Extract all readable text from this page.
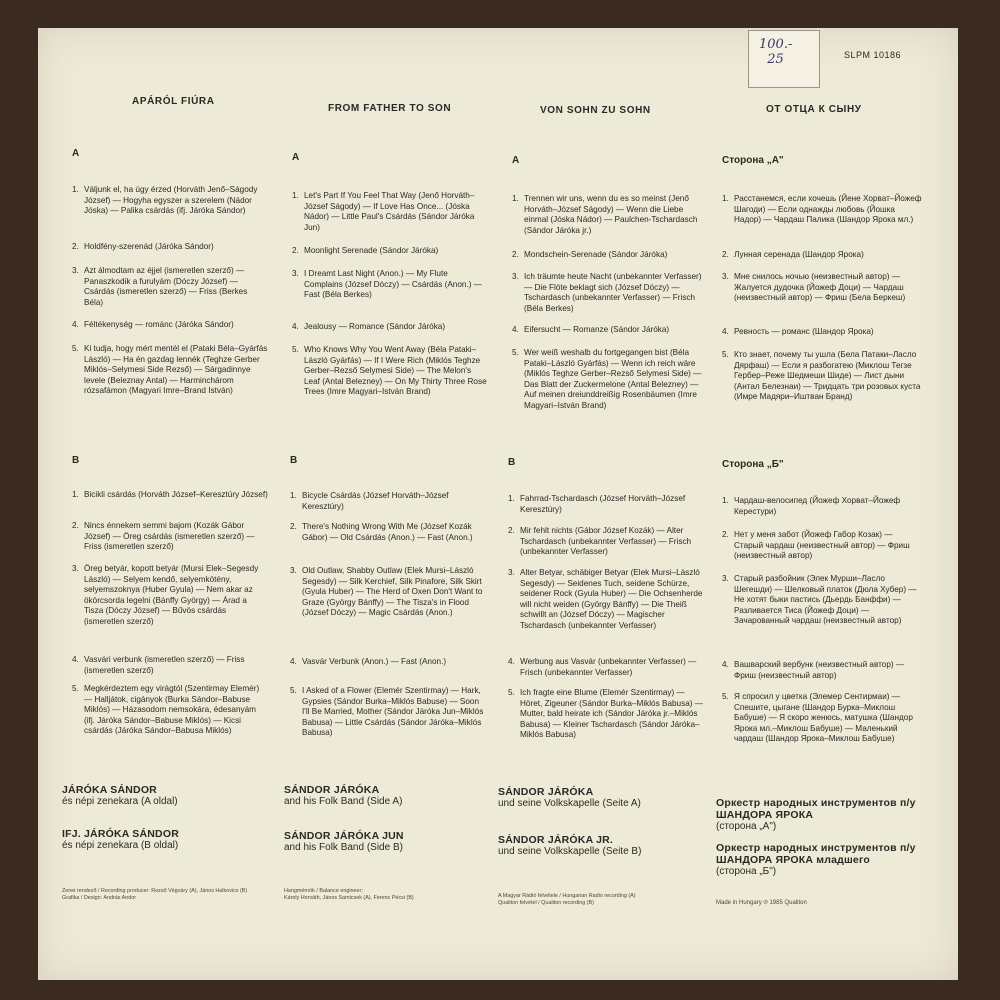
100.-
25	SLPM 10186
APÁRÓL FIÚRA
A
1. Váljunk el, ha úgy érzed (Horváth Jenő–Ságody József) — Hogyha egyszer a szerelem (Nádor Jóska) — Palika csárdás (ifj. Járóka Sándor)
2. Holdfény-szerenád (Járóka Sándor)
3. Azt álmodtam az éjjel (ismeretlen szerző) — Panaszkodik a furulyám (Dóczy József) — Csárdás (ismeretlen szerző) — Friss (Berkes Béla)
4. Féltékenység — románc (Járóka Sándor)
5. Ki tudja, hogy mért mentél el (Pataki Béla–Gyárfás László) — Ha én gazdag lennék (Teghze Gerber Miklós–Selymesi Side Rezső) — Sárgadinnye levele (Beleznay Antal) — Harminchárom rózsafámon (Magyari Imre–Brand István)
B
1. Bicikli csárdás (Horváth József–Keresztúry József)
2. Nincs énnekem semmi bajom (Kozák Gábor József) — Öreg csárdás (ismeretlen szerző) — Friss (ismeretlen szerző)
3. Öreg betyár, kopott betyár (Mursi Elek–Segesdy László) — Selyem kendő, selyemkötény, selyemszoknya (Huber Gyula) — Nem akar az ökörcsorda legelni (Bánffy György) — Árad a Tisza (Dóczy József) — Bűvös csárdás (ismeretlen szerző)
4. Vasvári verbunk (ismeretlen szerző) — Friss (ismeretlen szerző)
5. Megkérdeztem egy virágtól (Szentirmay Elemér) — Halljátok, cigányok (Burka Sándor–Babuse Miklós) — Házasodom nemsokára, édesanyám (ifj. Járóka Sándor–Babuse Miklós) — Kicsi csárdás (Járóka Sándor–Babusa Miklós)
JÁRÓKA SÁNDOR
és népi zenekara (A oldal)
IFJ. JÁRÓKA SÁNDOR
és népi zenekara (B oldal)
Zenei rendező / Recording producer: Rezső Végváry (A), János Halkovics (B)
Grafika / Design: András Andor
FROM FATHER TO SON
A
1. Let's Part If You Feel That Way (Jenő Horváth–József Ságody) — If Love Has Once... (Jóska Nádor) — Little Paul's Csárdás (Sándor Járóka Jun)
2. Moonlight Serenade (Sándor Járóka)
3. I Dreamt Last Night (Anon.) — My Flute Complains (József Dóczy) — Csárdás (Anon.) — Fast (Béla Berkes)
4. Jealousy — Romance (Sándor Járóka)
5. Who Knows Why You Went Away (Béla Pataki–László Gyárfás) — If I Were Rich (Miklós Teghze Gerber–Rezső Selymesi Side) — The Melon's Leaf (Antal Belezney) — On My Thirty Three Rose Trees (Imre Magyari–István Brand)
B
1. Bicycle Csárdás (József Horváth–József Keresztúry)
2. There's Nothing Wrong With Me (József Kozák Gábor) — Old Csárdás (Anon.) — Fast (Anon.)
3. Old Outlaw, Shabby Outlaw (Elek Mursi–László Segesdy) — Silk Kerchief, Silk Pinafore, Silk Skirt (Gyula Huber) — The Herd of Oxen Don't Want to Graze (György Bánffy) — The Tisza's in Flood (József Dóczy) — Magic Csárdás (Anon.)
4. Vasvár Verbunk (Anon.) — Fast (Anon.)
5. I Asked of a Flower (Elemér Szentirmay) — Hark, Gypsies (Sándor Burka–Miklós Babuse) — Soon I'll Be Married, Mother (Sándor Járóka Jun–Miklós Babusa) — Little Csárdás (Sándor Járóka–Miklós Babusa)
SÁNDOR JÁRÓKA
and his Folk Band (Side A)
SÁNDOR JÁRÓKA JUN
and his Folk Band (Side B)
Hangmérnök / Balance engineer:
Károly Horváth, János Samicsek (A), Ferenc Pécsi (B)
VON SOHN ZU SOHN
A
1. Trennen wir uns, wenn du es so meinst (Jenő Horváth–József Ságody) — Wenn die Liebe einmal (Jóska Nádor) — Paulchen-Tschardasch (Sándor Járóka jr.)
2. Mondschein-Serenade (Sándor Járóka)
3. Ich träumte heute Nacht (unbekannter Verfasser) — Die Flöte beklagt sich (József Dóczy) — Tschardasch (unbekannter Verfasser) — Frisch (Béla Berkes)
4. Eifersucht — Romanze (Sándor Járóka)
5. Wer weiß weshalb du fortgegangen bist (Béla Pataki–László Gyárfás) — Wenn ich reich wäre (Miklós Teghze Gerber–Rezső Selymesi Side) — Das Blatt der Zuckermelone (Antal Belezney) — Auf meinen dreiunddreißig Rosenbäumen (Imre Magyari–István Brand)
B
1. Fahrrad-Tschardasch (József Horváth–József Keresztúry)
2. Mir fehlt nichts (Gábor József Kozák) — Alter Tschardasch (unbekannter Verfasser) — Frisch (unbekannter Verfasser)
3. Alter Betyar, schäbiger Betyar (Elek Mursi–László Segesdy) — Seidenes Tuch, seidene Schürze, seidener Rock (Gyula Huber) — Die Ochsenherde will nicht weiden (György Bánffy) — Die Theiß schwillt an (József Dóczy) — Magischer Tschardasch (unbekannter Verfasser)
4. Werbung aus Vasvár (unbekannter Verfasser) — Frisch (unbekannter Verfasser)
5. Ich fragte eine Blume (Elemér Szentirmay) — Höret, Zigeuner (Sándor Burka–Miklós Babusa) — Mutter, bald heirate ich (Sándor Járóka jr.–Miklós Babusa) — Kleiner Tschardasch (Sándor Járóka–Miklós Babusa)
SÁNDOR JÁRÓKA
und seine Volkskapelle (Seite A)
SÁNDOR JÁRÓKA JR.
und seine Volkskapelle (Seite B)
A Magyar Rádió felvétele / Hungarian Radio recording (A)
Qualiton felvétel / Qualiton recording (B)
ОТ ОТЦА К СЫНУ
Сторона „А"
1. Расстанемся, если хочешь (Йене Хорват–Йожеф Шагоди) — Если однажды любовь (Йошка Надор) — Чардаш Палика (Шандор Ярока мл.)
2. Лунная серенада (Шандор Ярока)
3. Мне снилось ночью (неизвестный автор) — Жалуется дудочка (Йожеф Доци) — Чардаш (неизвестный автор) — Фриш (Бела Беркеш)
4. Ревность — романс (Шандор Ярока)
5. Кто знает, почему ты ушла (Бела Патаки–Ласло Дярфаш) — Если я разбогатею (Миклош Тегзе Гербер–Реже Шедмеши Шиде) — Лист дыни (Антал Белезнаи) — Тридцать три розовых куста (Имре Мадяри–Иштван Бранд)
Сторона „Б"
1. Чардаш-велосипед (Йожеф Хорват–Йожеф Керестури)
2. Нет у меня забот (Йожеф Габор Козак) — Старый чардаш (неизвестный автор) — Фриш (неизвестный автор)
3. Старый разбойник (Элек Мурши–Ласло Шегешди) — Шелковый платок (Дюла Хубер) — Не хотят быки пастись (Дьердь Банффи) — Разливается Тиса (Йожеф Доци) — Зачарованный чардаш (неизвестный автор)
4. Вашварский вербунк (неизвестный автор) — Фриш (неизвестный автор)
5. Я спросил у цветка (Элемер Сентирмаи) — Спешите, цыгане (Шандор Бурка–Миклош Бабуше) — Я скоро женюсь, матушка (Шандор Ярока мл.–Миклош Бабуше) — Маленький чардаш (Шандор Ярока–Миклош Бабуше)
Оркестр народных инструментов п/у ШАНДОРА ЯРОКА
(сторона „А")
Оркестр народных инструментов п/у ШАНДОРА ЯРОКА младшего
(сторона „Б")
Made in Hungary ℗ 1985 Qualiton
